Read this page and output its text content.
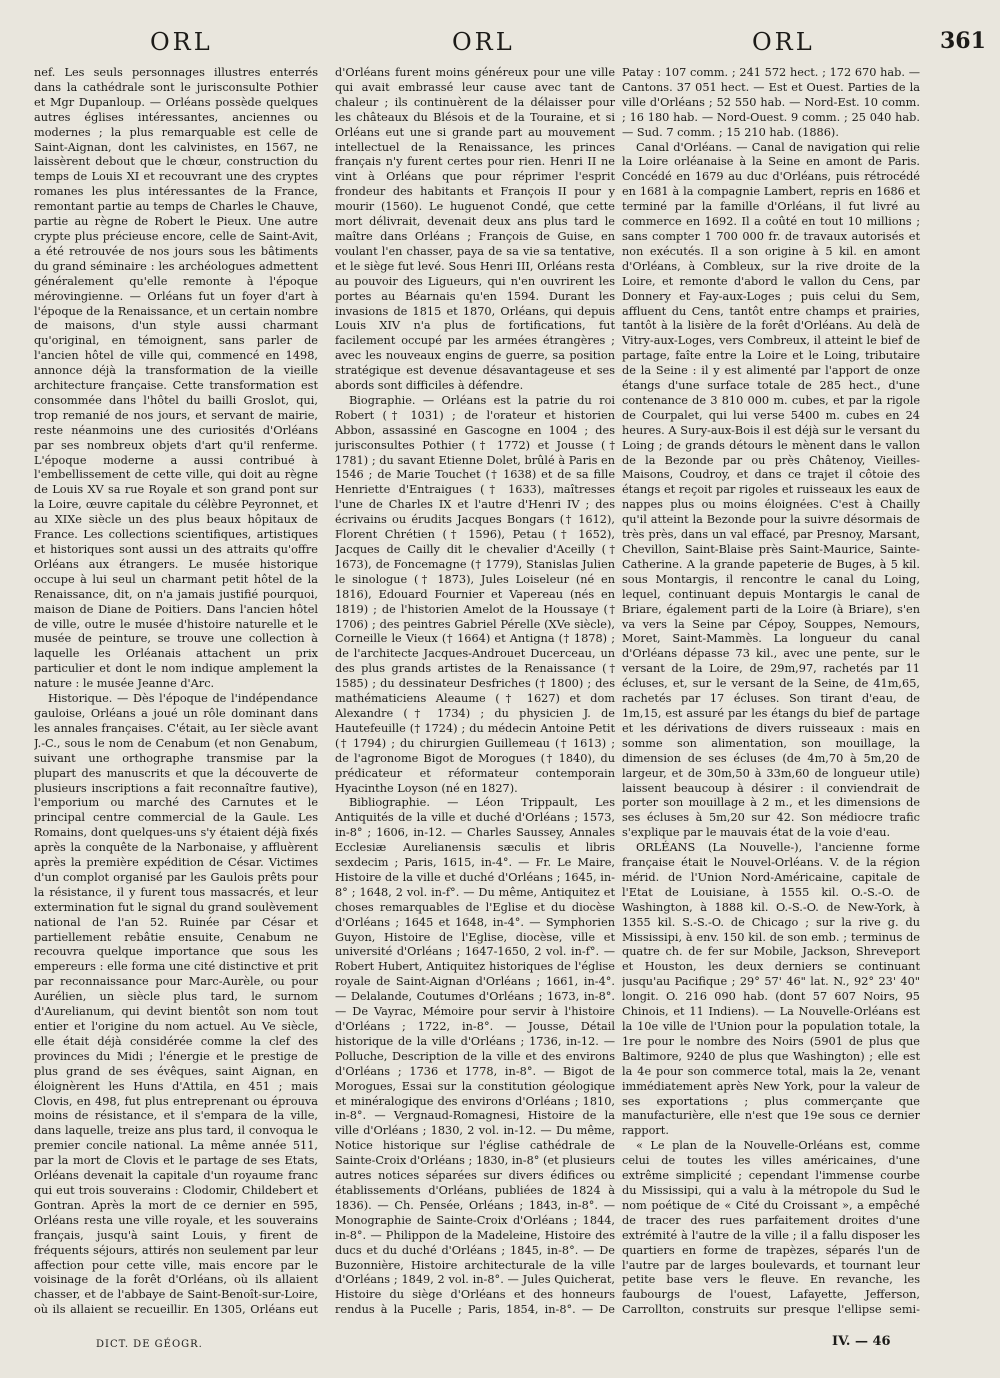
ORL	ORL	ORL	361

nef. Les seuls personnages illustres enterrés dans la cathédrale sont le jurisconsulte Pothier et Mgr Dupanloup. — Orléans possède quelques autres églises intéressantes, anciennes ou modernes ; la plus remarquable est celle de Saint-Aignan, dont les calvinistes, en 1567, ne laissèrent debout que le chœur, construction du temps de Louis XI et recouvrant une des cryptes romanes les plus intéressantes de la France, remontant partie au temps de Charles le Chauve, partie au règne de Robert le Pieux. Une autre crypte plus précieuse encore, celle de Saint-Avit, a été retrouvée de nos jours sous les bâtiments du grand séminaire : les archéologues admettent généralement qu'elle remonte à l'époque mérovingienne. — Orléans fut un foyer d'art à l'époque de la Renaissance, et un certain nombre de maisons, d'un style aussi charmant qu'original, en témoignent, sans parler de l'ancien hôtel de ville qui, commencé en 1498, annonce déjà la transformation de la vieille architecture française. Cette transformation est consommée dans l'hôtel du bailli Groslot, qui, trop remanié de nos jours, et servant de mairie, reste néanmoins une des curiosités d'Orléans par ses nombreux objets d'art qu'il renferme. L'époque moderne a aussi contribué à l'embellissement de cette ville, qui doit au règne de Louis XV sa rue Royale et son grand pont sur la Loire, œuvre capitale du célèbre Peyronnet, et au XIXe siècle un des plus beaux hôpitaux de France. Les collections scientifiques, artistiques et historiques sont aussi un des attraits qu'offre Orléans aux étrangers. Le musée historique occupe à lui seul un charmant petit hôtel de la Renaissance, dit, on n'a jamais justifié pourquoi, maison de Diane de Poitiers. Dans l'ancien hôtel de ville, outre le musée d'histoire naturelle et le musée de peinture, se trouve une collection à laquelle les Orléanais attachent un prix particulier et dont le nom indique amplement la nature : le musée Jeanne d'Arc.

Historique. — Dès l'époque de l'indépendance gauloise, Orléans a joué un rôle dominant dans les annales françaises. C'était, au Ier siècle avant J.-C., sous le nom de Cenabum (et non Genabum, suivant une orthographe transmise par la plupart des manuscrits et que la découverte de plusieurs inscriptions a fait reconnaître fautive), l'emporium ou marché des Carnutes et le principal centre commercial de la Gaule. Les Romains, dont quelques-uns s'y étaient déjà fixés après la conquête de la Narbonaise, y affluèrent après la première expédition de César. Victimes d'un complot organisé par les Gaulois prêts pour la résistance, il y furent tous massacrés, et leur extermination fut le signal du grand soulèvement national de l'an 52. Ruinée par César et partiellement rebâtie ensuite, Cenabum ne recouvra quelque importance que sous les empereurs : elle forma une cité distinctive et prit par reconnaissance pour Marc-Aurèle, ou pour Aurélien, un siècle plus tard, le surnom d'Aurelianum, qui devint bientôt son nom tout entier et l'origine du nom actuel. Au Ve siècle, elle était déjà considérée comme la clef des provinces du Midi ; l'énergie et le prestige de plus grand de ses évêques, saint Aignan, en éloignèrent les Huns d'Attila, en 451 ; mais Clovis, en 498, fut plus entreprenant ou éprouva moins de résistance, et il s'empara de la ville, dans laquelle, treize ans plus tard, il convoqua le premier concile national. La même année 511, par la mort de Clovis et le partage de ses Etats, Orléans devenait la capitale d'un royaume franc qui eut trois souverains : Clodomir, Childebert et Gontran. Après la mort de ce dernier en 595, Orléans resta une ville royale, et les souverains français, jusqu'à saint Louis, y firent de fréquents séjours, attirés non seulement par leur affection pour cette ville, mais encore par le voisinage de la forêt d'Orléans, où ils allaient chasser, et de l'abbaye de Saint-Benoît-sur-Loire, où ils allaient se recueillir. En 1305, Orléans eut

d'Orléans furent moins généreux pour une ville qui avait embrassé leur cause avec tant de chaleur ; ils continuèrent de la délaisser pour les châteaux du Blésois et de la Touraine, et si Orléans eut une si grande part au mouvement intellectuel de la Renaissance, les princes français n'y furent certes pour rien. Henri II ne vint à Orléans que pour réprimer l'esprit frondeur des habitants et François II pour y mourir (1560). Le huguenot Condé, que cette mort délivrait, devenait deux ans plus tard le maître dans Orléans ; François de Guise, en voulant l'en chasser, paya de sa vie sa tentative, et le siège fut levé. Sous Henri III, Orléans resta au pouvoir des Ligueurs, qui n'en ouvrirent les portes au Béarnais qu'en 1594. Durant les invasions de 1815 et 1870, Orléans, qui depuis Louis XIV n'a plus de fortifications, fut facilement occupé par les armées étrangères ; avec les nouveaux engins de guerre, sa position stratégique est devenue désavantageuse et ses abords sont difficiles à défendre.

Biographie. — Orléans est la patrie du roi Robert († 1031) ; de l'orateur et historien Abbon, assassiné en Gascogne en 1004 ; des jurisconsultes Pothier († 1772) et Jousse († 1781) ; du savant Etienne Dolet, brûlé à Paris en 1546 ; de Marie Touchet († 1638) et de sa fille Henriette d'Entraigues († 1633), maîtresses l'une de Charles IX et l'autre d'Henri IV ; des écrivains ou érudits Jacques Bongars († 1612), Florent Chrétien († 1596), Petau († 1652), Jacques de Cailly dit le chevalier d'Aceilly († 1673), de Foncemagne († 1779), Stanislas Julien le sinologue († 1873), Jules Loiseleur (né en 1816), Edouard Fournier et Vapereau (nés en 1819) ; de l'historien Amelot de la Houssaye († 1706) ; des peintres Gabriel Pérelle (XVe siècle), Corneille le Vieux († 1664) et Antigna († 1878) ; de l'architecte Jacques-Androuet Ducerceau, un des plus grands artistes de la Renaissance († 1585) ; du dessinateur Desfriches († 1800) ; des mathématiciens Aleaume († 1627) et dom Alexandre († 1734) ; du physicien J. de Hautefeuille († 1724) ; du médecin Antoine Petit († 1794) ; du chirurgien Guillemeau († 1613) ; de l'agronome Bigot de Morogues († 1840), du prédicateur et réformateur contemporain Hyacinthe Loyson (né en 1827).

Bibliographie. — Léon Trippault, Les Antiquités de la ville et duché d'Orléans ; 1573, in-8° ; 1606, in-12. — Charles Saussey, Annales Ecclesiæ Aurelianensis sæculis et libris sexdecim ; Paris, 1615, in-4°. — Fr. Le Maire, Histoire de la ville et duché d'Orléans ; 1645, in-8° ; 1648, 2 vol. in-f°. — Du même, Antiquitez et choses remarquables de l'Eglise et du diocèse d'Orléans ; 1645 et 1648, in-4°. — Symphorien Guyon, Histoire de l'Eglise, diocèse, ville et université d'Orléans ; 1647-1650, 2 vol. in-f°. — Robert Hubert, Antiquitez historiques de l'église royale de Saint-Aignan d'Orléans ; 1661, in-4°. — Delalande, Coutumes d'Orléans ; 1673, in-8°. — De Vayrac, Mémoire pour servir à l'histoire d'Orléans ; 1722, in-8°. — Jousse, Détail historique de la ville d'Orléans ; 1736, in-12. — Polluche, Description de la ville et des environs d'Orléans ; 1736 et 1778, in-8°. — Bigot de Morogues, Essai sur la constitution géologique et minéralogique des environs d'Orléans ; 1810, in-8°. — Vergnaud-Romagnesi, Histoire de la ville d'Orléans ; 1830, 2 vol. in-12. — Du même, Notice historique sur l'église cathédrale de Sainte-Croix d'Orléans ; 1830, in-8° (et plusieurs autres notices séparées sur divers édifices ou établissements d'Orléans, publiées de 1824 à 1836). — Ch. Pensée, Orléans ; 1843, in-8°. — Monographie de Sainte-Croix d'Orléans ; 1844, in-8°. — Philippon de la Madeleine, Histoire des ducs et du duché d'Orléans ; 1845, in-8°. — De Buzonnière, Histoire architecturale de la ville d'Orléans ; 1849, 2 vol. in-8°. — Jules Quicherat, Histoire du siège d'Orléans et des honneurs rendus à la Pucelle ; Paris, 1854, in-8°. — De

Patay : 107 comm. ; 241 572 hect. ; 172 670 hab. — Cantons. 37 051 hect. — Est et Ouest. Parties de la ville d'Orléans ; 52 550 hab. — Nord-Est. 10 comm. ; 16 180 hab. — Nord-Ouest. 9 comm. ; 25 040 hab. — Sud. 7 comm. ; 15 210 hab. (1886).

Canal d'Orléans. — Canal de navigation qui relie la Loire orléanaise à la Seine en amont de Paris. Concédé en 1679 au duc d'Orléans, puis rétrocédé en 1681 à la compagnie Lambert, repris en 1686 et terminé par la famille d'Orléans, il fut livré au commerce en 1692. Il a coûté en tout 10 millions ; sans compter 1 700 000 fr. de travaux autorisés et non exécutés. Il a son origine à 5 kil. en amont d'Orléans, à Combleux, sur la rive droite de la Loire, et remonte d'abord le vallon du Cens, par Donnery et Fay-aux-Loges ; puis celui du Sem, affluent du Cens, tantôt entre champs et prairies, tantôt à la lisière de la forêt d'Orléans. Au delà de Vitry-aux-Loges, vers Combreux, il atteint le bief de partage, faîte entre la Loire et le Loing, tributaire de la Seine : il y est alimenté par l'apport de onze étangs d'une surface totale de 285 hect., d'une contenance de 3 810 000 m. cubes, et par la rigole de Courpalet, qui lui verse 5400 m. cubes en 24 heures. A Sury-aux-Bois il est déjà sur le versant du Loing ; de grands détours le mènent dans le vallon de la Bezonde par ou près Châtenoy, Vieilles-Maisons, Coudroy, et dans ce trajet il côtoie des étangs et reçoit par rigoles et ruisseaux les eaux de nappes plus ou moins éloignées. C'est à Chailly qu'il atteint la Bezonde pour la suivre désormais de très près, dans un val effacé, par Presnoy, Marsant, Chevillon, Saint-Blaise près Saint-Maurice, Sainte-Catherine. A la grande papeterie de Buges, à 5 kil. sous Montargis, il rencontre le canal du Loing, lequel, continuant depuis Montargis le canal de Briare, également parti de la Loire (à Briare), s'en va vers la Seine par Cépoy, Souppes, Nemours, Moret, Saint-Mammès. La longueur du canal d'Orléans dépasse 73 kil., avec une pente, sur le versant de la Loire, de 29m,97, rachetés par 11 écluses, et, sur le versant de la Seine, de 41m,65, rachetés par 17 écluses. Son tirant d'eau, de 1m,15, est assuré par les étangs du bief de partage et les dérivations de divers ruisseaux : mais en somme son alimentation, son mouillage, la dimension de ses écluses (de 4m,70 à 5m,20 de largeur, et de 30m,50 à 33m,60 de longueur utile) laissent beaucoup à désirer : il conviendrait de porter son mouillage à 2 m., et les dimensions de ses écluses à 5m,20 sur 42. Son médiocre trafic s'explique par le mauvais état de la voie d'eau.

ORLÉANS (La Nouvelle-), l'ancienne forme française était le Nouvel-Orléans. V. de la région mérid. de l'Union Nord-Américaine, capitale de l'Etat de Louisiane, à 1555 kil. O.-S.-O. de Washington, à 1888 kil. O.-S.-O. de New-York, à 1355 kil. S.-S.-O. de Chicago ; sur la rive g. du Mississipi, à env. 150 kil. de son emb. ; terminus de quatre ch. de fer sur Mobile, Jackson, Shreveport et Houston, les deux derniers se continuant jusqu'au Pacifique ; 29° 57' 46" lat. N., 92° 23' 40" longit. O. 216 090 hab. (dont 57 607 Noirs, 95 Chinois, et 11 Indiens). — La Nouvelle-Orléans est la 10e ville de l'Union pour la population totale, la 1re pour le nombre des Noirs (5901 de plus que Baltimore, 9240 de plus que Washington) ; elle est la 4e pour son commerce total, mais la 2e, venant immédiatement après New York, pour la valeur de ses exportations ; plus commerçante que manufacturière, elle n'est que 19e sous ce dernier rapport.

« Le plan de la Nouvelle-Orléans est, comme celui de toutes les villes américaines, d'une extrême simplicité ; cependant l'immense courbe du Mississipi, qui a valu à la métropole du Sud le nom poétique de « Cité du Croissant », a empêché de tracer des rues parfaitement droites d'une extrémité à l'autre de la ville ; il a fallu disposer les quartiers en forme de trapèzes, séparés l'un de l'autre par de larges boulevards, et tournant leur petite base vers le fleuve. En revanche, les faubourgs de l'ouest, Lafayette, Jefferson, Carrollton, construits sur presque l'ellipse semi-

DICT. DE GÉOGR.	IV. — 46
